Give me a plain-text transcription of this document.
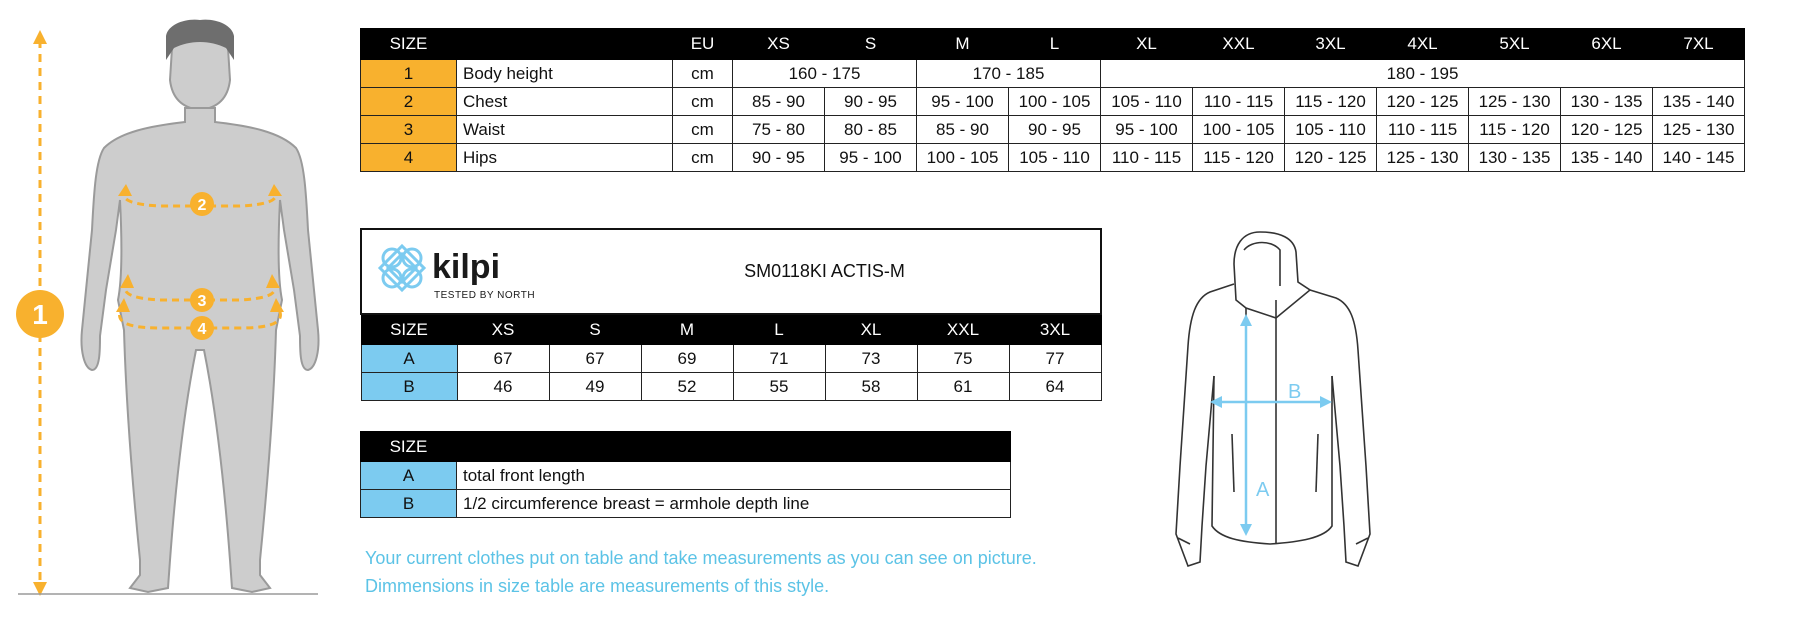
1
2
3
4
SIZE		EU	XS	S	M	L	XL	XXL	3XL	4XL	5XL	6XL	7XL
1	Body height	cm	160 - 175		170 - 185		180 - 195						
2	Chest	cm	85 - 90	90 - 95	95 - 100	100 - 105	105 - 110	110 - 115	115 - 120	120 - 125	125 - 130	130 - 135	135 - 140
3	Waist	cm	75 - 80	80 - 85	85 - 90	90 - 95	95 - 100	100 - 105	105 - 110	110 - 115	115 - 120	120 - 125	125 - 130
4	Hips	cm	90 - 95	95 - 100	100 - 105	105 - 110	110 - 115	115 - 120	120 - 125	125 - 130	130 - 135	135 - 140	140 - 145
kilpi
TESTED BY NORTH		SM0118KI ACTIS-M					
SIZE	XS	S	M	L	XL	XXL	3XL
A	67	67	69	71	73	75	77
B	46	49	52	55	58	61	64
SIZE	
A	total front length
B	1/2 circumference breast = armhole depth line
Your current clothes put on table and take measurements as you can see on picture.
Dimmensions in size table are measurements of this style.
A
B
